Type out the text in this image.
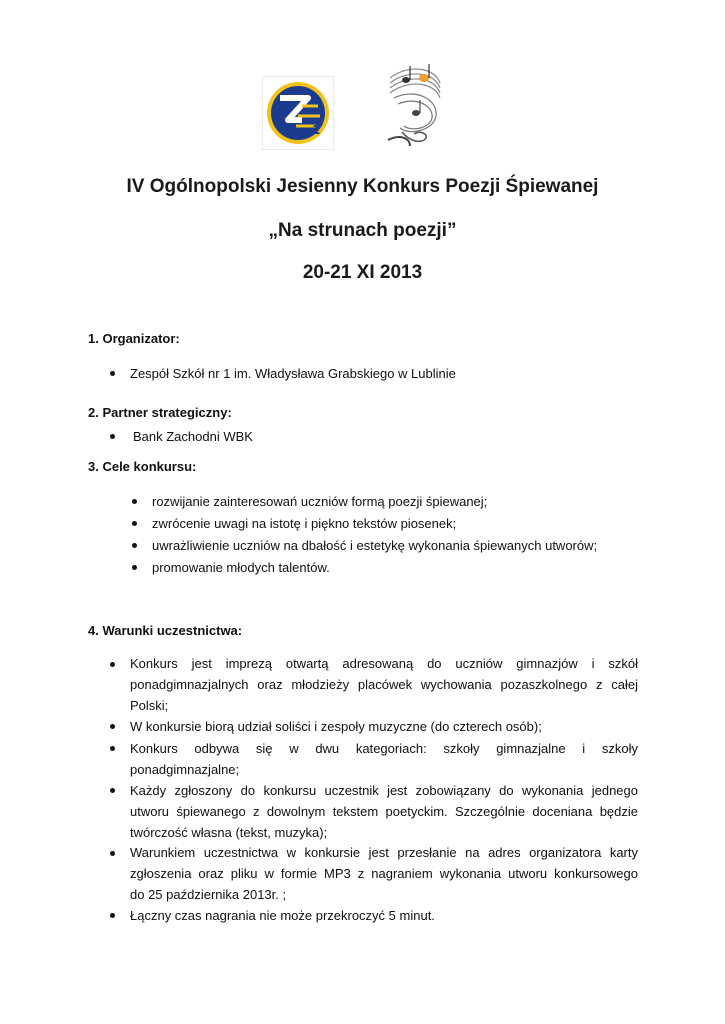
1
IV Ogólnopolski Jesienny Konkurs Poezji Śpiewanej
„Na strunach poezji”
20-21 XI 2013
1. Organizator:
Zespół Szkół nr 1 im. Władysława Grabskiego w Lublinie
2. Partner strategiczny:
Bank Zachodni WBK
3. Cele konkursu:
rozwijanie zainteresowań uczniów formą poezji śpiewanej;
zwrócenie uwagi na istotę i piękno tekstów piosenek;
uwrażliwienie uczniów na dbałość i estetykę wykonania śpiewanych utworów;
promowanie młodych talentów.
4. Warunki uczestnictwa:
Konkurs jest imprezą otwartą adresowaną do uczniów gimnazjów i szkół
ponadgimnazjalnych oraz młodzieży placówek wychowania pozaszkolnego z całej
Polski;
W konkursie biorą udział soliści i zespoły muzyczne (do czterech osób);
Konkurs odbywa się w dwu kategoriach: szkoły gimnazjalne i szkoły
ponadgimnazjalne;
Każdy zgłoszony do konkursu uczestnik jest zobowiązany do wykonania jednego
utworu śpiewanego z dowolnym tekstem poetyckim. Szczególnie doceniana będzie
twórczość własna (tekst, muzyka);
Warunkiem uczestnictwa w konkursie jest przesłanie na adres organizatora karty
zgłoszenia oraz pliku w formie MP3 z nagraniem wykonania utworu konkursowego
do 25 października 2013r. ;
Łączny czas nagrania nie może przekroczyć 5 minut.
